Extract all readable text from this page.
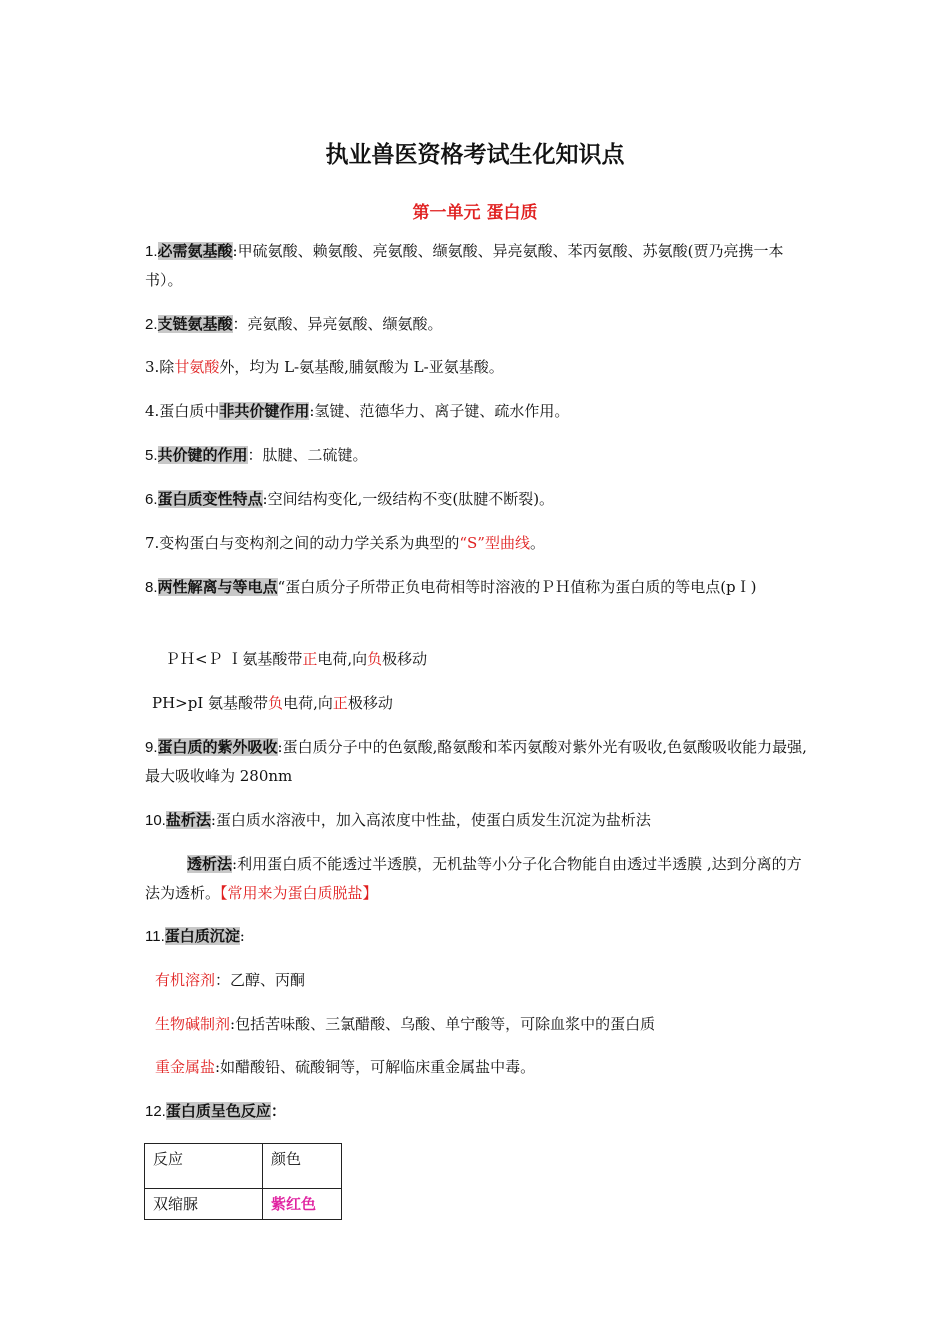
执业兽医资格考试生化知识点
第一单元 蛋白质
1.必需氨基酸:甲硫氨酸、赖氨酸、亮氨酸、缬氨酸、异亮氨酸、苯丙氨酸、苏氨酸(贾乃亮携一本书）。
2.支链氨基酸：亮氨酸、异亮氨酸、缬氨酸。
3.除甘氨酸外，均为 L-氨基酸,脯氨酸为 L-亚氨基酸。
4.蛋白质中非共价键作用:氢键、范德华力、离子键、疏水作用。
5.共价键的作用：肽腱、二硫键。
6.蛋白质变性特点:空间结构变化,一级结构不变(肽腱不断裂)。
7.变构蛋白与变构剂之间的动力学关系为典型的“S”型曲线。
8.两性解离与等电点“蛋白质分子所带正负电荷相等时溶液的ＰＨ值称为蛋白质的等电点(pＩ)
ＰＨ<Ｐ Ｉ氨基酸带正电荷,向负极移动
PH>pI 氨基酸带负电荷,向正极移动
9.蛋白质的紫外吸收:蛋白质分子中的色氨酸,酪氨酸和苯丙氨酸对紫外光有吸收,色氨酸吸收能力最强,最大吸收峰为 280nm
10.盐析法:蛋白质水溶液中，加入高浓度中性盐，使蛋白质发生沉淀为盐析法
透析法:利用蛋白质不能透过半透膜，无机盐等小分子化合物能自由透过半透膜 ,达到分离的方法为透析。【常用来为蛋白质脱盐】
11.蛋白质沉淀:
有机溶剂：乙醇、丙酮
生物碱制剂:包括苦味酸、三氯醋酸、乌酸、单宁酸等，可除血浆中的蛋白质
重金属盐:如醋酸铅、硫酸铜等，可解临床重金属盐中毒。
12.蛋白质呈色反应：
反应	颜色
双缩脲	紫红色
